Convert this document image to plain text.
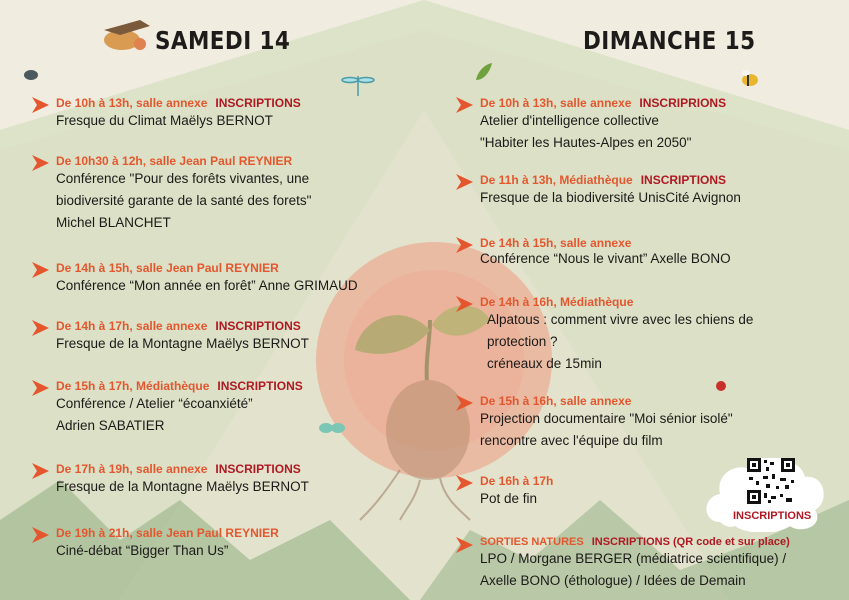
SAMEDI 14	DIMANCHE 15
De 10h à 13h, salle annexe INSCRIPTIONS
Fresque du Climat Maëlys BERNOT
De 10h30 à 12h, salle Jean Paul REYNIER
Conférence "Pour des forêts vivantes, une
biodiversité garante de la santé des forets"
Michel BLANCHET
De 14h à 15h, salle Jean Paul REYNIER
Conférence “Mon année en forêt” Anne GRIMAUD
De 14h à 17h, salle annexe INSCRIPTIONS
Fresque de la Montagne Maëlys BERNOT
De 15h à 17h, Médiathèque INSCRIPTIONS
Conférence / Atelier “écoanxiété”
Adrien SABATIER
De 17h à 19h, salle annexe INSCRIPTIONS
Fresque de la Montagne Maëlys BERNOT
De 19h à 21h, salle Jean Paul REYNIER
Ciné-débat “Bigger Than Us”
De 10h à 13h, salle annexe INSCRIPRIONS
Atelier d'intelligence collective
"Habiter les Hautes-Alpes en 2050"
De 11h à 13h, Médiathèque INSCRIPTIONS
Fresque de la biodiversité UnisCité Avignon
De 14h à 15h, salle annexe
Conférence “Nous le vivant” Axelle BONO
De 14h à 16h, Médiathèque
Alpatous : comment vivre avec les chiens de
protection ?
créneaux de 15min
De 15h à 16h, salle annexe
Projection documentaire "Moi sénior isolé"
rencontre avec l'équipe du film
De 16h à 17h
Pot de fin
SORTIES NATURES INSCRIPTIONS (QR code et sur place)
LPO / Morgane BERGER (médiatrice scientifique) /
Axelle BONO (éthologue) / Idées de Demain
INSCRIPTIONS
